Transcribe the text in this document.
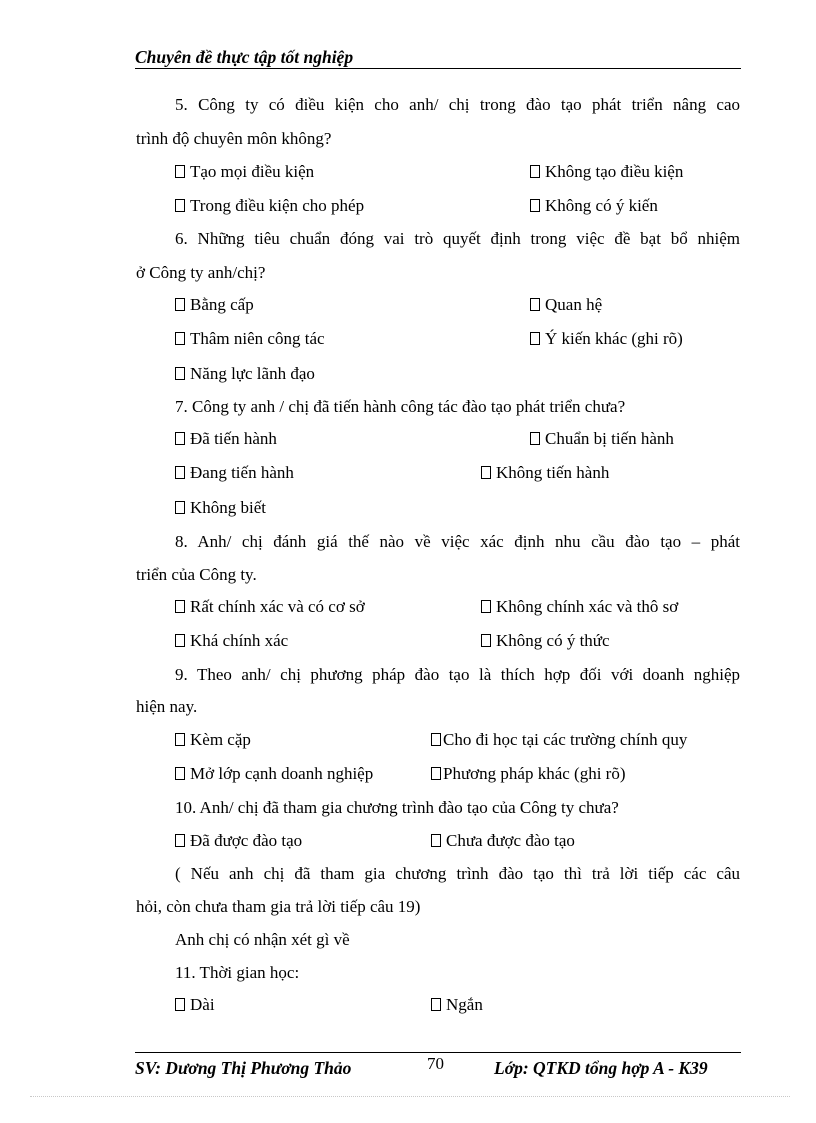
Chuyên đề thực tập tốt nghiệp
5. Công ty có điều kiện cho anh/ chị trong đào tạo phát triển nâng cao
trình độ chuyên môn không?
Tạo mọi điều kiện	Không tạo điều kiện
Trong điều kiện cho phép	Không có ý kiến
6. Những tiêu chuẩn đóng vai trò quyết định trong việc đề bạt bổ nhiệm
ở Công ty anh/chị?
Bằng cấp	Quan hệ
Thâm niên công tác	Ý kiến khác (ghi rõ)
Năng lực lãnh đạo
7. Công ty anh / chị đã tiến hành công tác đào tạo phát triển chưa?
Đã tiến hành	Chuẩn bị tiến hành
Đang tiến hành	Không tiến hành
Không biết
8. Anh/ chị đánh giá thế nào về việc xác định nhu cầu đào tạo – phát
triển của Công ty.
Rất chính xác và có cơ sở	Không chính xác và thô sơ
Khá chính xác	Không có ý thức
9. Theo anh/ chị phương pháp đào tạo là thích hợp đối với doanh nghiệp
hiện nay.
Kèm cặp	Cho đi học tại các trường chính quy
Mở lớp cạnh doanh nghiệp	Phương pháp khác (ghi rõ)
10. Anh/ chị đã tham gia chương trình đào tạo của Công ty chưa?
Đã được đào tạo	Chưa được đào tạo
( Nếu anh chị đã tham gia chương trình đào tạo thì trả lời tiếp các câu
hỏi, còn chưa tham gia trả lời tiếp câu 19)
Anh chị có nhận xét gì về
11. Thời gian học:
Dài	Ngắn
SV: Dương Thị Phương Thảo	70	Lớp: QTKD tổng hợp A - K39
